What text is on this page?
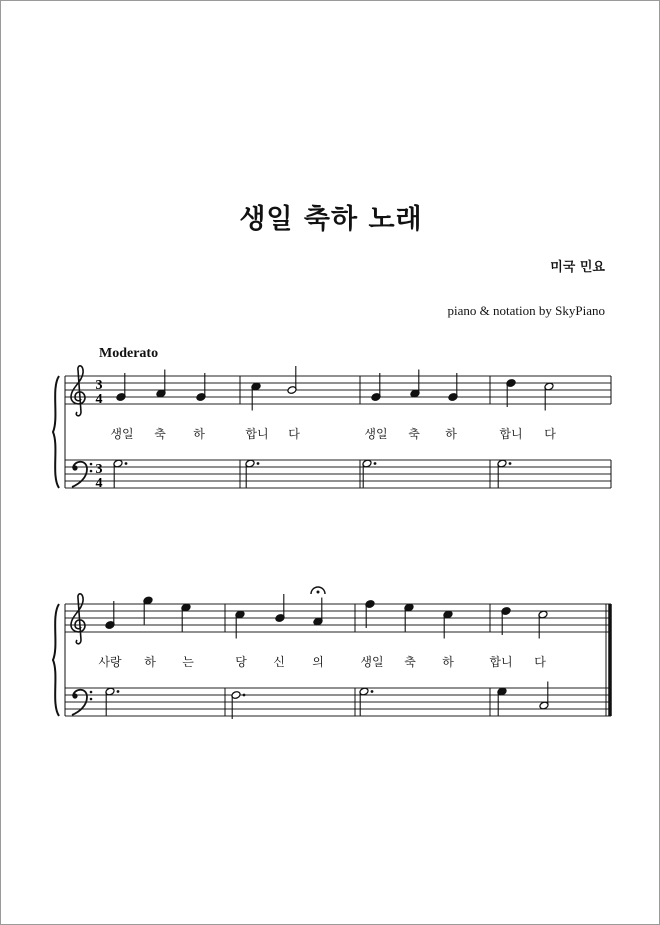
생일 축하 노래
미국 민요
piano & notation by SkyPiano
Moderato
3
4
3
4
생일 축 하	합니 다	생일 축 하	합니 다
사랑 하 는	당 신 의	생일 축 하	합니 다
